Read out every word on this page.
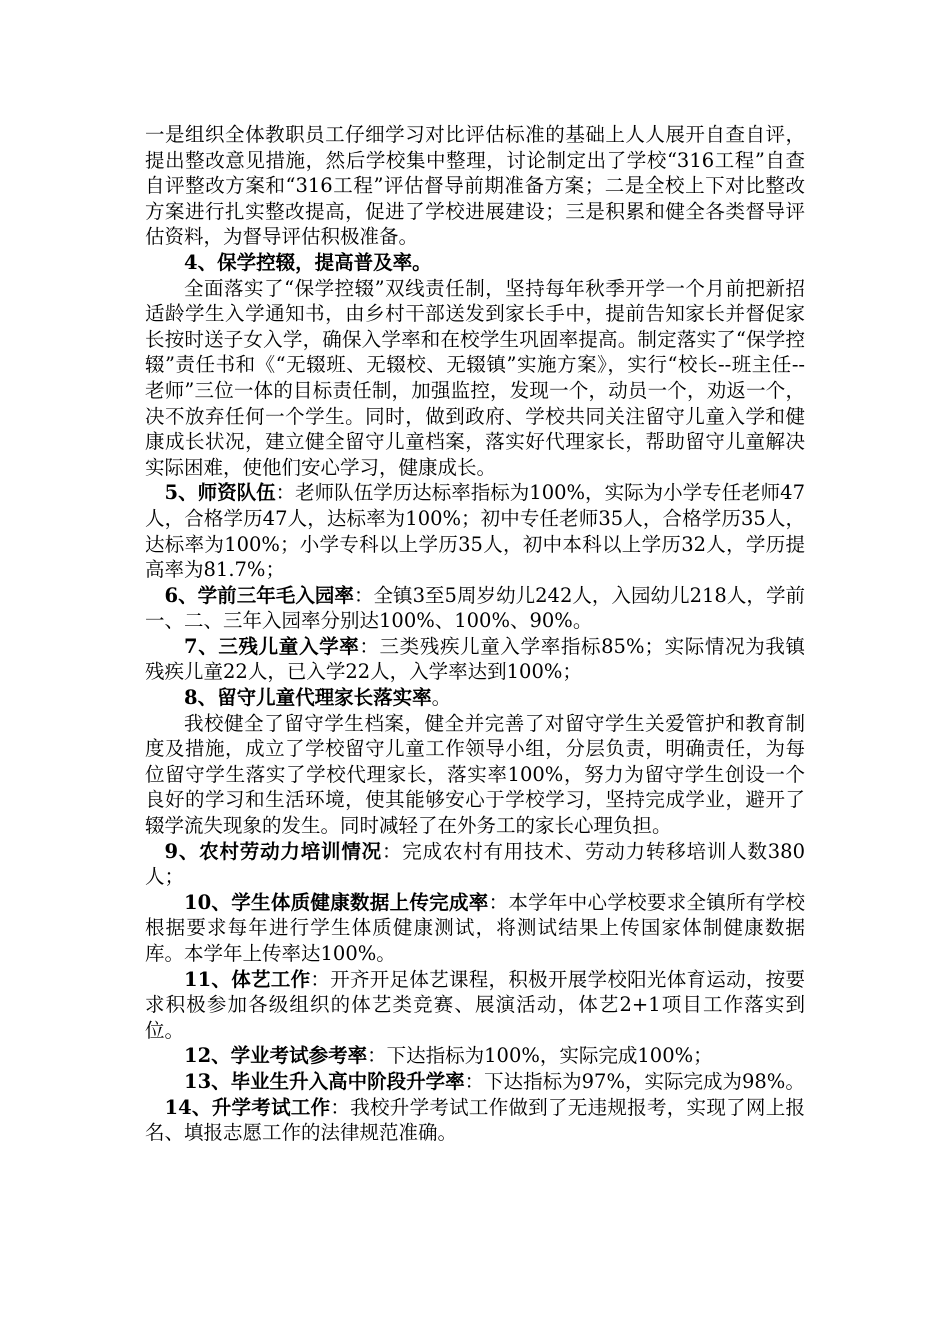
一是组织全体教职员工仔细学习对比评估标准的基础上人人展开自查自评，提出整改意见措施，然后学校集中整理，讨论制定出了学校“316工程”自查自评整改方案和“316工程”评估督导前期准备方案；二是全校上下对比整改方案进行扎实整改提高，促进了学校进展建设；三是积累和健全各类督导评估资料，为督导评估积极准备。

4、保学控辍，提高普及率。

全面落实了“保学控辍”双线责任制，坚持每年秋季开学一个月前把新招适龄学生入学通知书，由乡村干部送发到家长手中，提前告知家长并督促家长按时送子女入学，确保入学率和在校学生巩固率提高。制定落实了“保学控辍”责任书和《“无辍班、无辍校、无辍镇”实施方案》，实行“校长--班主任--老师”三位一体的目标责任制，加强监控，发现一个，动员一个，劝返一个，决不放弃任何一个学生。同时，做到政府、学校共同关注留守儿童入学和健康成长状况，建立健全留守儿童档案，落实好代理家长，帮助留守儿童解决实际困难，使他们安心学习，健康成长。

5、师资队伍：老师队伍学历达标率指标为100%，实际为小学专任老师47人，合格学历47人，达标率为100%；初中专任老师35人，合格学历35人，达标率为100%；小学专科以上学历35人，初中本科以上学历32人，学历提高率为81.7%；

6、学前三年毛入园率：全镇3至5周岁幼儿242人，入园幼儿218人，学前一、二、三年入园率分别达100%、100%、90%。

7、三残儿童入学率：三类残疾儿童入学率指标85%；实际情况为我镇残疾儿童22人，已入学22人，入学率达到100%；

8、留守儿童代理家长落实率。

我校健全了留守学生档案，健全并完善了对留守学生关爱管护和教育制度及措施，成立了学校留守儿童工作领导小组，分层负责，明确责任，为每位留守学生落实了学校代理家长，落实率100%，努力为留守学生创设一个良好的学习和生活环境，使其能够安心于学校学习，坚持完成学业，避开了辍学流失现象的发生。同时减轻了在外务工的家长心理负担。

9、农村劳动力培训情况：完成农村有用技术、劳动力转移培训人数380人；

10、学生体质健康数据上传完成率：本学年中心学校要求全镇所有学校根据要求每年进行学生体质健康测试，将测试结果上传国家体制健康数据库。本学年上传率达100%。

11、体艺工作：开齐开足体艺课程，积极开展学校阳光体育运动，按要求积极参加各级组织的体艺类竞赛、展演活动，体艺2+1项目工作落实到位。

12、学业考试参考率：下达指标为100%，实际完成100%；

13、毕业生升入高中阶段升学率：下达指标为97%，实际完成为98%。

14、升学考试工作：我校升学考试工作做到了无违规报考，实现了网上报名、填报志愿工作的法律规范准确。
